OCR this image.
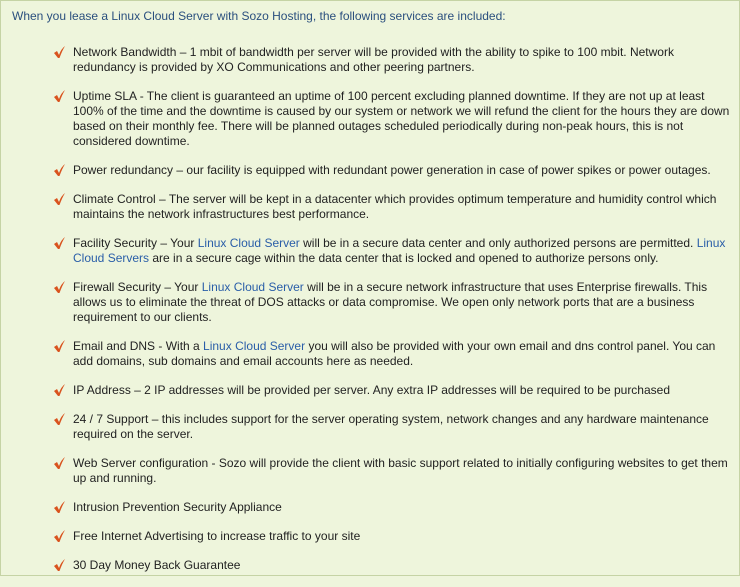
When you lease a Linux Cloud Server with Sozo Hosting, the following services are included:
Network Bandwidth – 1 mbit of bandwidth per server will be provided with the ability to spike to 100 mbit. Network redundancy is provided by XO Communications and other peering partners.
Uptime SLA - The client is guaranteed an uptime of 100 percent excluding planned downtime. If they are not up at least 100% of the time and the downtime is caused by our system or network we will refund the client for the hours they are down based on their monthly fee. There will be planned outages scheduled periodically during non-peak hours, this is not considered downtime.
Power redundancy – our facility is equipped with redundant power generation in case of power spikes or power outages.
Climate Control – The server will be kept in a datacenter which provides optimum temperature and humidity control which maintains the network infrastructures best performance.
Facility Security – Your Linux Cloud Server will be in a secure data center and only authorized persons are permitted. Linux Cloud Servers are in a secure cage within the data center that is locked and opened to authorize persons only.
Firewall Security – Your Linux Cloud Server will be in a secure network infrastructure that uses Enterprise firewalls. This allows us to eliminate the threat of DOS attacks or data compromise. We open only network ports that are a business requirement to our clients.
Email and DNS - With a Linux Cloud Server you will also be provided with your own email and dns control panel. You can add domains, sub domains and email accounts here as needed.
IP Address – 2 IP addresses will be provided per server. Any extra IP addresses will be required to be purchased
24 / 7 Support – this includes support for the server operating system, network changes and any hardware maintenance required on the server.
Web Server configuration - Sozo will provide the client with basic support related to initially configuring websites to get them up and running.
Intrusion Prevention Security Appliance
Free Internet Advertising to increase traffic to your site
30 Day Money Back Guarantee
